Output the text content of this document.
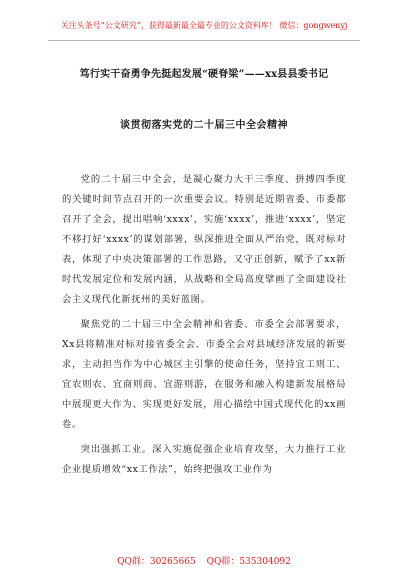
关注头条号“公文研究”，获得最新最全最专业的公文资料库！ 微信：gongwenyj
笃行实干奋勇争先挺起发展“硬脊梁”——xx县县委书记
谈贯彻落实党的二十届三中全会精神

党的二十届三中全会，是凝心聚力大干三季度、拼搏四季度的关键时间节点召开的一次重要会议。特别是近期省委、市委都召开了全会，提出唱响‘xxxx’，实施‘xxxx’，推进‘xxxx’，坚定不移打好‘xxxx’的谋划部署，纵深推进全面从严治党，既对标对表，体现了中央决策部署的工作思路，又守正创新，赋予了xx新时代发展定位和发展内涵，从战略和全局高度擘画了全面建设社会主义现代化新抚州的美好蓝图。

聚焦党的二十届三中全会精神和省委、市委全会部署要求，Xx县将精准对标对接省委全会、市委全会对县域经济发展的新要求，主动担当作为中心城区主引擎的使命任务，坚持宜工则工、宜农则农、宜商则商、宜游则游，在服务和融入构建新发展格局中展现更大作为、实现更好发展，用心描绘中国式现代化的xx画卷。

突出强抓工业。深入实施促强企业培育攻坚，大力推行工业企业提质增效“xx工作法”，始终把强攻工业作为

QQ群：30265665 QQ群：535304092
